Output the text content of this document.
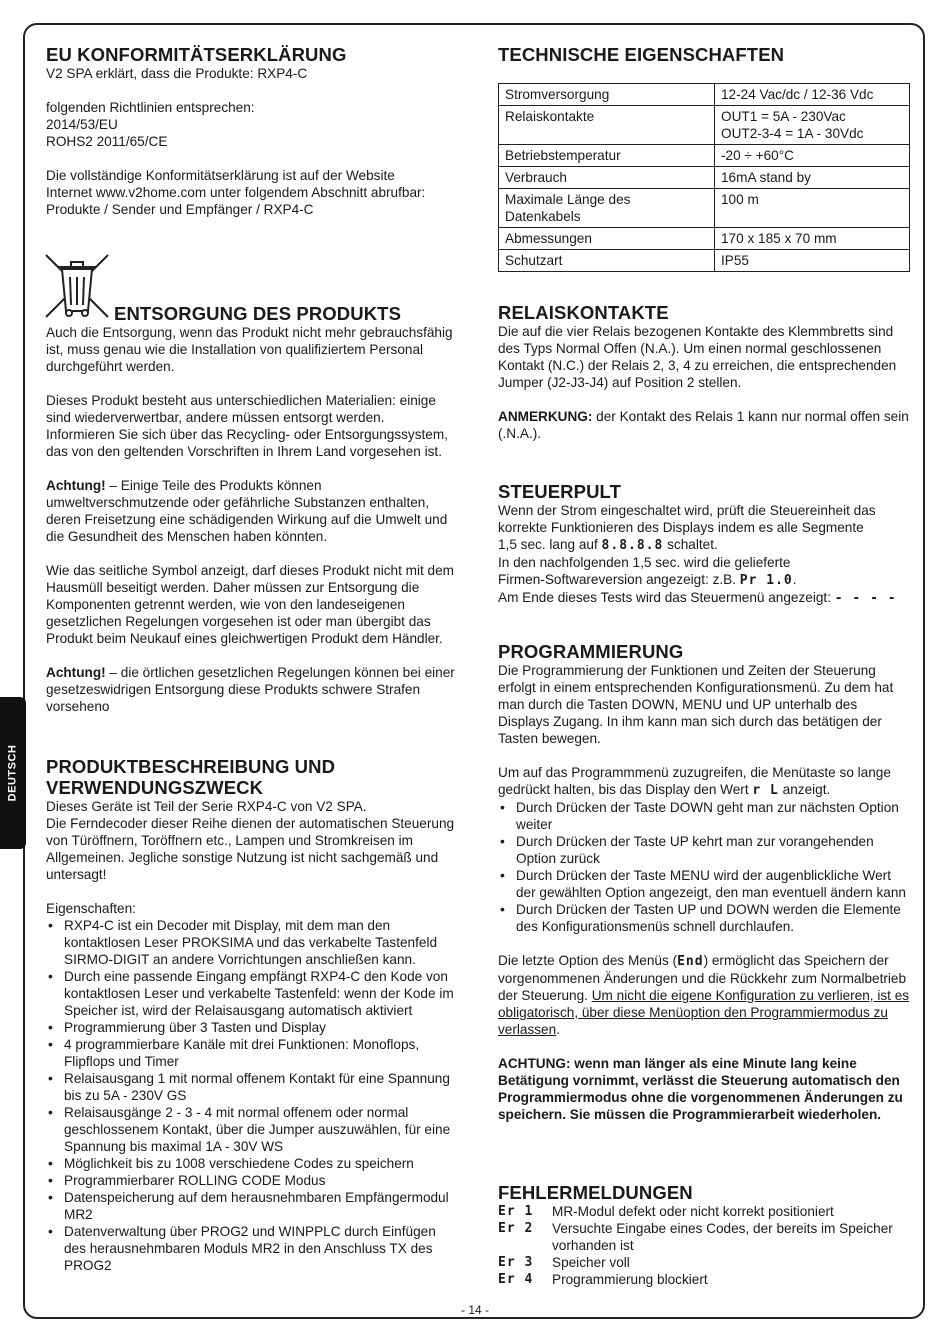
DEUTSCH
EU KONFORMITÄTSERKLÄRUNG

V2 SPA erklärt, dass die Produkte: RXP4-C

folgenden Richtlinien entsprechen:

2014/53/EU

ROHS2 2011/65/CE

Die vollständige Konformitätserklärung ist auf der Website

Internet www.v2home.com unter folgendem Abschnitt abrufbar:

Produkte / Sender und Empfänger / RXP4-C

ENTSORGUNG DES PRODUKTS

Auch die Entsorgung, wenn das Produkt nicht mehr gebrauchsfähig ist, muss genau wie die Installation von qualifiziertem Personal durchgeführt werden.

Dieses Produkt besteht aus unterschiedlichen Materialien: einige sind wiederverwertbar, andere müssen entsorgt werden. Informieren Sie sich über das Recycling- oder Entsorgungssystem, das von den geltenden Vorschriften in Ihrem Land vorgesehen ist.

Achtung! – Einige Teile des Produkts können umweltverschmutzende oder gefährliche Substanzen enthalten, deren Freisetzung eine schädigenden Wirkung auf die Umwelt und die Gesundheit des Menschen haben könnten.

Wie das seitliche Symbol anzeigt, darf dieses Produkt nicht mit dem Hausmüll beseitigt werden. Daher müssen zur Entsorgung die Komponenten getrennt werden, wie von den landeseigenen gesetzlichen Regelungen vorgesehen ist oder man übergibt das Produkt beim Neukauf eines gleichwertigen Produkt dem Händler.

Achtung! – die örtlichen gesetzlichen Regelungen können bei einer gesetzeswidrigen Entsorgung diese Produkts schwere Strafen vorseheno

PRODUKTBESCHREIBUNG UND
VERWENDUNGSZWECK

Dieses Geräte ist Teil der Serie RXP4-C von V2 SPA.

Die Ferndecoder dieser Reihe dienen der automatischen Steuerung von Türöffnern, Toröffnern etc., Lampen und Stromkreisen im Allgemeinen. Jegliche sonstige Nutzung ist nicht sachgemäß und untersagt!

Eigenschaften:

• RXP4-C ist ein Decoder mit Display, mit dem man den kontaktlosen Leser PROKSIMA und das verkabelte Tastenfeld SIRMO-DIGIT an andere Vorrichtungen anschließen kann.
• Durch eine passende Eingang empfängt RXP4-C den Kode von kontaktlosen Leser und verkabelte Tastenfeld: wenn der Kode im Speicher ist, wird der Relaisausgang automatisch aktiviert
• Programmierung über 3 Tasten und Display
• 4 programmierbare Kanäle mit drei Funktionen: Monoflops, Flipflops und Timer
• Relaisausgang 1 mit normal offenem Kontakt für eine Spannung bis zu 5A - 230V GS
• Relaisausgänge 2 - 3 - 4 mit normal offenem oder normal geschlossenem Kontakt, über die Jumper auszuwählen, für eine Spannung bis maximal 1A - 30V WS
• Möglichkeit bis zu 1008 verschiedene Codes zu speichern
• Programmierbarer ROLLING CODE Modus
• Datenspeicherung auf dem herausnehmbaren Empfängermodul MR2
• Datenverwaltung über PROG2 und WINPPLC durch Einfügen des herausnehmbaren Moduls MR2 in den Anschluss TX des PROG2
TECHNISCHE EIGENSCHAFTEN
Stromversorgung	12-24 Vac/dc / 12-36 Vdc
Relaiskontakte	OUT1 = 5A - 230Vac
OUT2-3-4 = 1A - 30Vdc

Betriebstemperatur	-20 ÷ +60°C
Verbrauch	16mA stand by
Maximale Länge des Datenkabels	100 m
Abmessungen	170 x 185 x 70 mm
Schutzart	IP55
RELAISKONTAKTE

Die auf die vier Relais bezogenen Kontakte des Klemmbretts sind des Typs Normal Offen (N.A.). Um einen normal geschlossenen Kontakt (N.C.) der Relais 2, 3, 4 zu erreichen, die entsprechenden Jumper (J2-J3-J4) auf Position 2 stellen.

ANMERKUNG: der Kontakt des Relais 1 kann nur normal offen sein (.N.A.).

STEUERPULT

Wenn der Strom eingeschaltet wird, prüft die Steuereinheit das

korrekte Funktionieren des Displays indem es alle Segmente

1,5 sec. lang auf 8.8.8.8 schaltet.

In den nachfolgenden 1,5 sec. wird die gelieferte

Firmen-Softwareversion angezeigt: z.B. Pr 1.0.

Am Ende dieses Tests wird das Steuermenü angezeigt: - - - -

PROGRAMMIERUNG

Die Programmierung der Funktionen und Zeiten der Steuerung erfolgt in einem entsprechenden Konfigurationsmenü. Zu dem hat man durch die Tasten DOWN, MENU und UP unterhalb des Displays Zugang. In ihm kann man sich durch das betätigen der Tasten bewegen.

Um auf das Programmmenü zuzugreifen, die Menütaste so lange gedrückt halten, bis das Display den Wert r L anzeigt.

• Durch Drücken der Taste DOWN geht man zur nächsten Option weiter
• Durch Drücken der Taste UP kehrt man zur vorangehenden Option zurück
• Durch Drücken der Taste MENU wird der augenblickliche Wert der gewählten Option angezeigt, den man eventuell ändern kann
• Durch Drücken der Tasten UP und DOWN werden die Elemente des Konfigurationsmenüs schnell durchlaufen.

Die letzte Option des Menüs (End) ermöglicht das Speichern der vorgenommenen Änderungen und die Rückkehr zum Normalbetrieb der Steuerung. Um nicht die eigene Konfiguration zu verlieren, ist es obligatorisch, über diese Menüoption den Programmiermodus zu verlassen.

ACHTUNG: wenn man länger als eine Minute lang keine Betätigung vornimmt, verlässt die Steuerung automatisch den Programmiermodus ohne die vorgenommenen Änderungen zu speichern. Sie müssen die Programmierarbeit wiederholen.

FEHLERMELDUNGEN
Er 1	MR-Modul defekt oder nicht korrekt positioniert
Er 2	Versuchte Eingabe eines Codes, der bereits im Speicher vorhanden ist
Er 3	Speicher voll
Er 4	Programmierung blockiert
- 14 -
